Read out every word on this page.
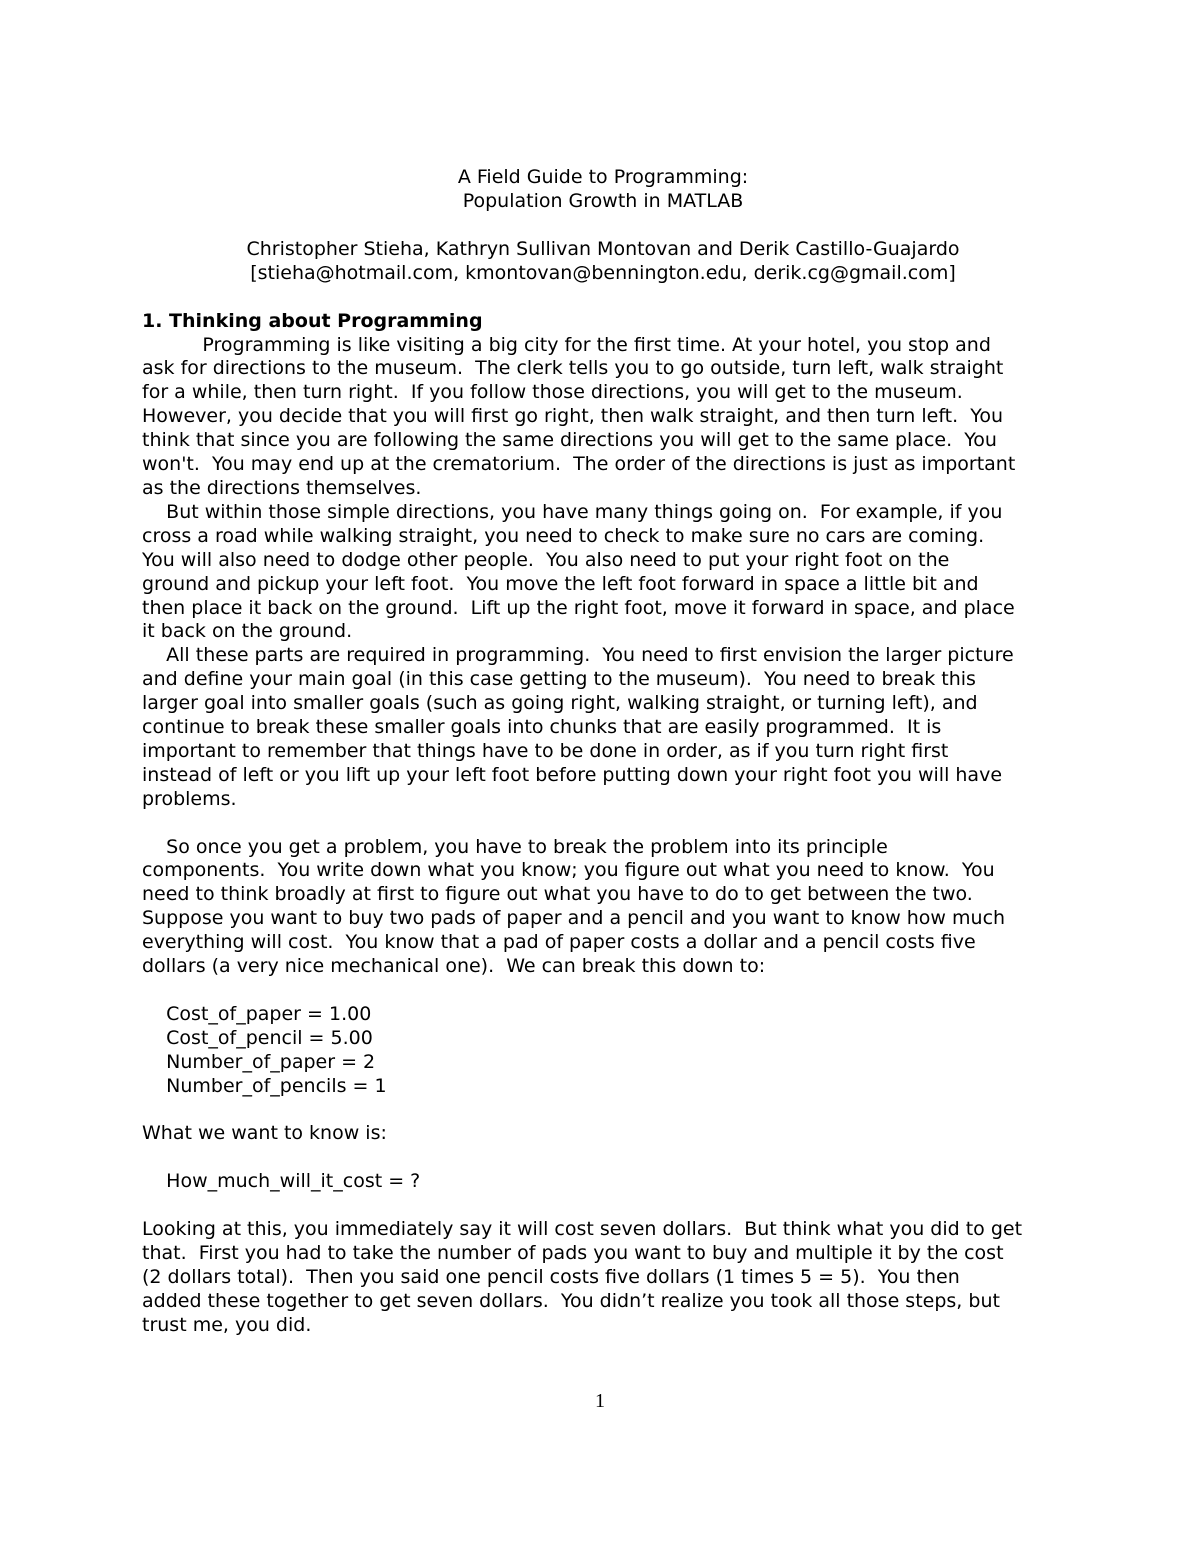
A Field Guide to Programming:
Population Growth in MATLAB
Christopher Stieha, Kathryn Sullivan Montovan and Derik Castillo-Guajardo
[stieha@hotmail.com, kmontovan@bennington.edu, derik.cg@gmail.com]
1. Thinking about Programming
Programming is like visiting a big city for the first time. At your hotel, you stop and
ask for directions to the museum.  The clerk tells you to go outside, turn left, walk straight
for a while, then turn right.  If you follow those directions, you will get to the museum.
However, you decide that you will first go right, then walk straight, and then turn left.  You
think that since you are following the same directions you will get to the same place.  You
won't.  You may end up at the crematorium.  The order of the directions is just as important
as the directions themselves.
But within those simple directions, you have many things going on.  For example, if you
cross a road while walking straight, you need to check to make sure no cars are coming.
You will also need to dodge other people.  You also need to put your right foot on the
ground and pickup your left foot.  You move the left foot forward in space a little bit and
then place it back on the ground.  Lift up the right foot, move it forward in space, and place
it back on the ground.
All these parts are required in programming.  You need to first envision the larger picture
and define your main goal (in this case getting to the museum).  You need to break this
larger goal into smaller goals (such as going right, walking straight, or turning left), and
continue to break these smaller goals into chunks that are easily programmed.  It is
important to remember that things have to be done in order, as if you turn right first
instead of left or you lift up your left foot before putting down your right foot you will have
problems.
So once you get a problem, you have to break the problem into its principle
components.  You write down what you know; you figure out what you need to know.  You
need to think broadly at first to figure out what you have to do to get between the two.
Suppose you want to buy two pads of paper and a pencil and you want to know how much
everything will cost.  You know that a pad of paper costs a dollar and a pencil costs five
dollars (a very nice mechanical one).  We can break this down to:
Cost_of_paper = 1.00
Cost_of_pencil = 5.00
Number_of_paper = 2
Number_of_pencils = 1
What we want to know is:
How_much_will_it_cost = ?
Looking at this, you immediately say it will cost seven dollars.  But think what you did to get
that.  First you had to take the number of pads you want to buy and multiple it by the cost
(2 dollars total).  Then you said one pencil costs five dollars (1 times 5 = 5).  You then
added these together to get seven dollars.  You didn’t realize you took all those steps, but
trust me, you did.
1
